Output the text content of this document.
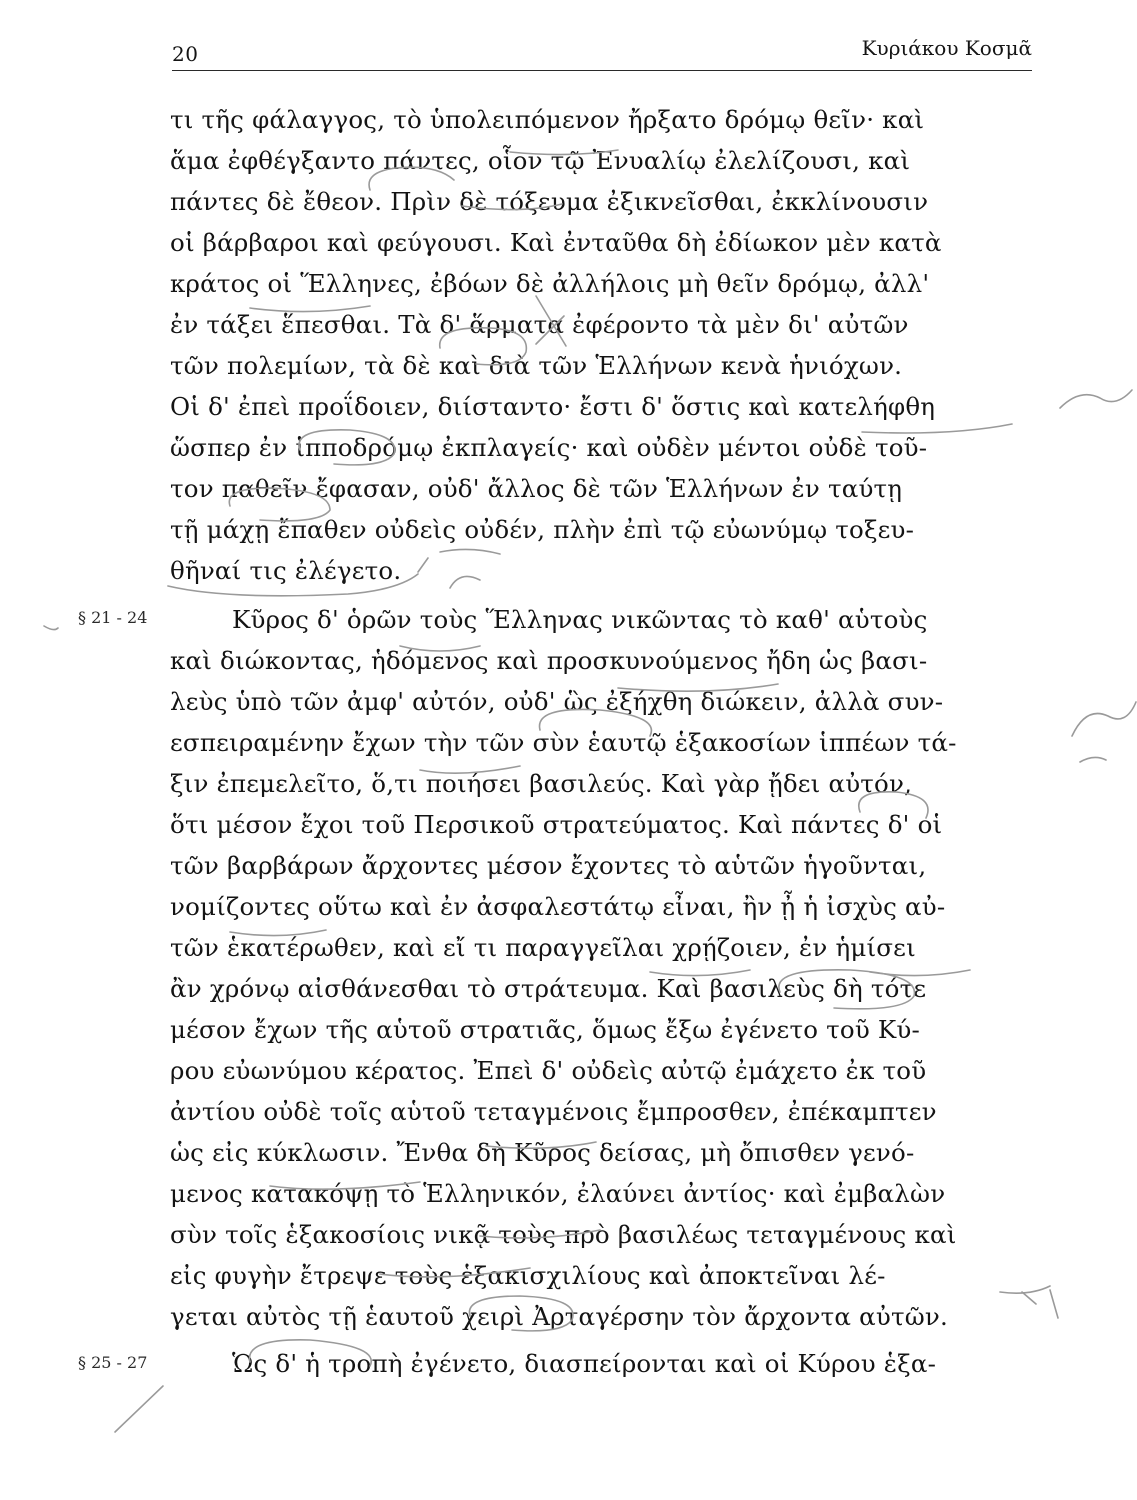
20	Κυριάκου Κοσμᾶ
§ 21 - 24
§ 25 - 27
τι τῆς φάλαγγος, τὸ ὑπολειπόμενον ἤρξατο δρόμῳ θεῖν· καὶ
ἅμα ἐφθέγξαντο πάντες, οἷον τῷ Ἐνυαλίῳ ἐλελίζουσι, καὶ
πάντες δὲ ἔθεον. Πρὶν δὲ τόξευμα ἐξικνεῖσθαι, ἐκκλίνουσιν
οἱ βάρβαροι καὶ φεύγουσι. Καὶ ἐνταῦθα δὴ ἐδίωκον μὲν κατὰ
κράτος οἱ Ἕλληνες, ἐβόων δὲ ἀλλήλοις μὴ θεῖν δρόμῳ, ἀλλ'
ἐν τάξει ἕπεσθαι. Τὰ δ' ἅρματα ἐφέροντο τὰ μὲν δι' αὐτῶν
τῶν πολεμίων, τὰ δὲ καὶ διὰ τῶν Ἑλλήνων κενὰ ἡνιόχων.
Οἱ δ' ἐπεὶ προΐδοιεν, διίσταντο· ἔστι δ' ὅστις καὶ κατελήφθη
ὥσπερ ἐν ἱπποδρόμῳ ἐκπλαγείς· καὶ οὐδὲν μέντοι οὐδὲ τοῦ-
τον παθεῖν ἔφασαν, οὐδ' ἄλλος δὲ τῶν Ἑλλήνων ἐν ταύτῃ
τῇ μάχῃ ἔπαθεν οὐδεὶς οὐδέν, πλὴν ἐπὶ τῷ εὐωνύμῳ τοξευ-
θῆναί τις ἐλέγετο.
Κῦρος δ' ὁρῶν τοὺς Ἕλληνας νικῶντας τὸ καθ' αὑτοὺς
καὶ διώκοντας, ἡδόμενος καὶ προσκυνούμενος ἤδη ὡς βασι-
λεὺς ὑπὸ τῶν ἀμφ' αὐτόν, οὐδ' ὣς ἐξήχθη διώκειν, ἀλλὰ συν-
εσπειραμένην ἔχων τὴν τῶν σὺν ἑαυτῷ ἑξακοσίων ἱππέων τά-
ξιν ἐπεμελεῖτο, ὅ,τι ποιήσει βασιλεύς. Καὶ γὰρ ᾔδει αὐτόν,
ὅτι μέσον ἔχοι τοῦ Περσικοῦ στρατεύματος. Καὶ πάντες δ' οἱ
τῶν βαρβάρων ἄρχοντες μέσον ἔχοντες τὸ αὑτῶν ἡγοῦνται,
νομίζοντες οὕτω καὶ ἐν ἀσφαλεστάτῳ εἶναι, ἢν ᾖ ἡ ἰσχὺς αὐ-
τῶν ἑκατέρωθεν, καὶ εἴ τι παραγγεῖλαι χρῄζοιεν, ἐν ἡμίσει
ἂν χρόνῳ αἰσθάνεσθαι τὸ στράτευμα. Καὶ βασιλεὺς δὴ τότε
μέσον ἔχων τῆς αὑτοῦ στρατιᾶς, ὅμως ἔξω ἐγένετο τοῦ Κύ-
ρου εὐωνύμου κέρατος. Ἐπεὶ δ' οὐδεὶς αὐτῷ ἐμάχετο ἐκ τοῦ
ἀντίου οὐδὲ τοῖς αὑτοῦ τεταγμένοις ἔμπροσθεν, ἐπέκαμπτεν
ὡς εἰς κύκλωσιν. Ἔνθα δὴ Κῦρος δείσας, μὴ ὄπισθεν γενό-
μενος κατακόψῃ τὸ Ἑλληνικόν, ἐλαύνει ἀντίος· καὶ ἐμβαλὼν
σὺν τοῖς ἑξακοσίοις νικᾷ τοὺς πρὸ βασιλέως τεταγμένους καὶ
εἰς φυγὴν ἔτρεψε τοὺς ἑξακισχιλίους καὶ ἀποκτεῖναι λέ-
γεται αὐτὸς τῇ ἑαυτοῦ χειρὶ Ἀρταγέρσην τὸν ἄρχοντα αὐτῶν.
Ὡς δ' ἡ τροπὴ ἐγένετο, διασπείρονται καὶ οἱ Κύρου ἑξα-
